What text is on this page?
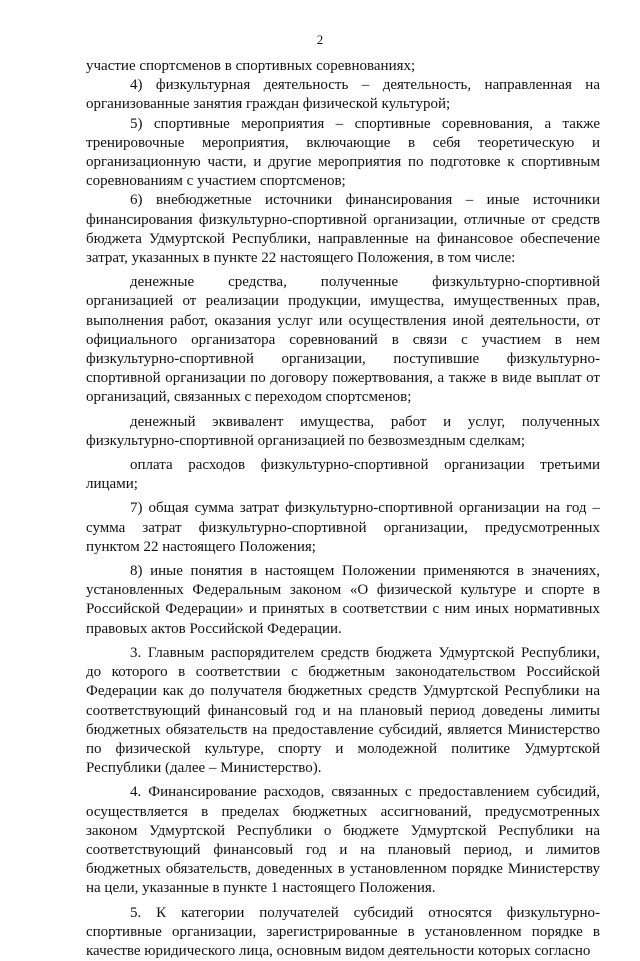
2

участие спортсменов в спортивных соревнованиях;

4) физкультурная деятельность – деятельность, направленная на организованные занятия граждан физической культурой;

5) спортивные мероприятия – спортивные соревнования, а также тренировочные мероприятия, включающие в себя теоретическую и организационную части, и другие мероприятия по подготовке к спортивным соревнованиям с участием спортсменов;

6) внебюджетные источники финансирования – иные источники финансирования физкультурно-спортивной организации, отличные от средств бюджета Удмуртской Республики, направленные на финансовое обеспечение затрат, указанных в пункте 22 настоящего Положения, в том числе:

денежные средства, полученные физкультурно-спортивной организацией от реализации продукции, имущества, имущественных прав, выполнения работ, оказания услуг или осуществления иной деятельности, от официального организатора соревнований в связи с участием в нем физкультурно-спортивной организации, поступившие физкультурно-спортивной организации по договору пожертвования, а также в виде выплат от организаций, связанных с переходом спортсменов;

денежный эквивалент имущества, работ и услуг, полученных физкультурно-спортивной организацией по безвозмездным сделкам;

оплата расходов физкультурно-спортивной организации третьими лицами;

7) общая сумма затрат физкультурно-спортивной организации на год – сумма затрат физкультурно-спортивной организации, предусмотренных пунктом 22 настоящего Положения;

8) иные понятия в настоящем Положении применяются в значениях, установленных Федеральным законом «О физической культуре и спорте в Российской Федерации» и принятых в соответствии с ним иных нормативных правовых актов Российской Федерации.

3. Главным распорядителем средств бюджета Удмуртской Республики, до которого в соответствии с бюджетным законодательством Российской Федерации как до получателя бюджетных средств Удмуртской Республики на соответствующий финансовый год и на плановый период доведены лимиты бюджетных обязательств на предоставление субсидий, является Министерство по физической культуре, спорту и молодежной политике Удмуртской Республики (далее – Министерство).

4. Финансирование расходов, связанных с предоставлением субсидий, осуществляется в пределах бюджетных ассигнований, предусмотренных законом Удмуртской Республики о бюджете Удмуртской Республики на соответствующий финансовый год и на плановый период, и лимитов бюджетных обязательств, доведенных в установленном порядке Министерству на цели, указанные в пункте 1 настоящего Положения.

5. К категории получателей субсидий относятся физкультурно-спортивные организации, зарегистрированные в установленном порядке в качестве юридического лица, основным видом деятельности которых согласно
